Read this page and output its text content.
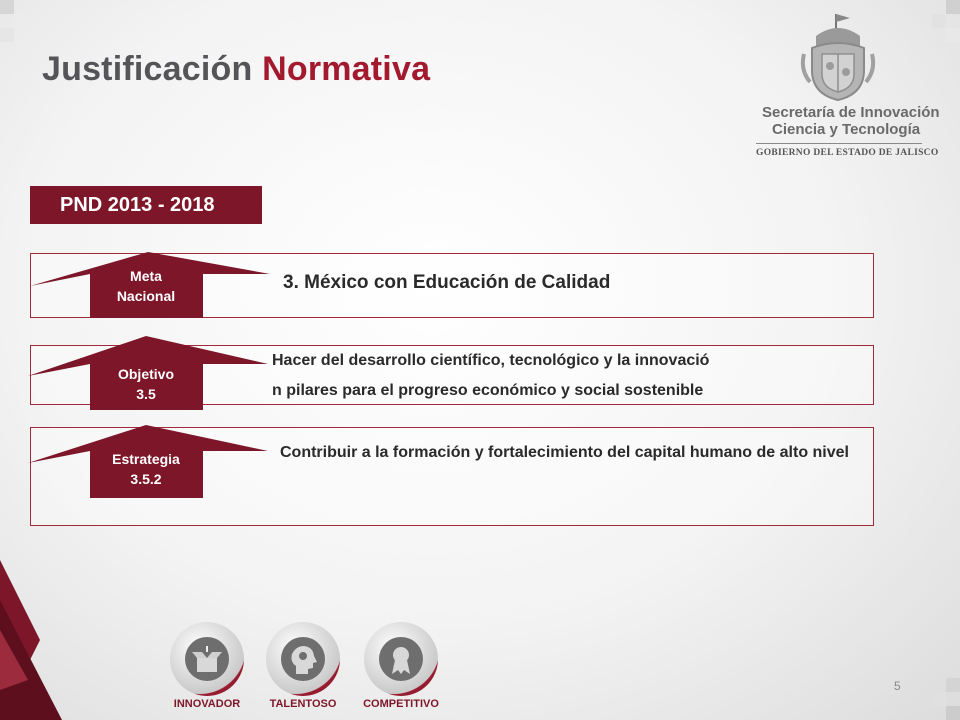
Justificación Normativa
Secretaría de Innovación
Ciencia y Tecnología
GOBIERNO DEL ESTADO DE JALISCO
PND 2013 - 2018
Meta
Nacional
Objetivo
3.5
Estrategia
3.5.2
3. México con Educación de Calidad
Hacer del desarrollo científico, tecnológico y la innovació
n pilares para el progreso económico y social sostenible
Contribuir a la formación y fortalecimiento del capital humano de alto nivel
INNOVADOR	TALENTOSO	COMPETITIVO
5
